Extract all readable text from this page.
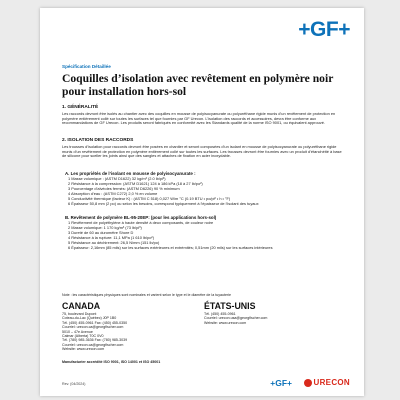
+GF+
Spécification Détaillée
Coquilles d’isolation avec revêtement en polymère noir pour installation hors-sol
1. GÉNÉRALITÉ
Les raccords devront être isolés au chantier avec des coquilles en mousse de polyisocyanurate ou polyuréthane rigide munis d’un revêtement de protection en polymère entièrement collé sur toutes les surfaces tel que fournies par GF Urecon. L’isolation des raccords et accessoires, devra être conforme aux recommandations de GF Urecon. Les produits seront fabriqués en conformité avec les Standards qualité de la norme ISO 9001, ou équivalent approuvé.
2. ISOLATION DES RACCORDS
Les trousses d’isolation pour raccords devront être posées en chantier et seront composées d’un isolant en mousse de polyisocyanurate ou polyuréthane rigide munis d’un revêtement de protection en polymère entièrement collé sur toutes les surfaces. Les trousses devront être fournies avec un produit d’étanchéité à base de silicone pour sceller les joints ainsi que des sangles et attaches de fixation en acier inoxydable.
A. Les propriétés de l’isolant en mousse de polyisocyanurate :
1 Masse volumique : (ASTM D1622) 32 kg/m³ (2.0 lb/pi³)
2 Résistance à la compression: (ASTM D1621) 124 à 186 kPa (18 à 27 lb/po²)
3 Pourcentage d’alvéoles fermés: (ASTM D6226) 90 % minimum
4 Absorption d’eau : (ASTM C272) 2,0 % en volume
5 Conductivité thermique (facteur K) : (ASTM C 518) 0,027 W/m °C (0.19 BTU • po/pi² • h • °F)
6 Épaisseur 50,8 mm (2 po) ou selon les besoins, correspond typiquement à l’épaisseur de l’isolant des tuyaux
B. Revêtement de polymère BL-95-20EP: (pour les applications hors-sol)
1 Revêtement de polyéthylène à haute densité à deux composants, de couleur noire
2 Masse volumique: 1 170 kg/m³ (73 lb/pi³)
3 Dureté de 60 au duromètre Shore D
4 Résistance à la rupture: 11,1 MPa (1 610 lb/po²)
5 Résistance au déchirement: 26,5 N/mm (151 lb/po)
6 Épaisseur: 2,16mm (85 mils) sur les surfaces extérieures et extrémités; 0,51mm (20 mils) sur les surfaces intérieures
Note : les caractéristiques physiques sont nominales et varient selon le type et le diamètre de la tuyauterie
CANADA
75, boulevard Dupont
Coteau-du-Lac (Québec) J0P 1B0
Tél. (450) 455-0961 Fax: (450) 455-0350
Courriel: urecon.ca@georgfischer.com
5010 – 47e Avenue
Calmar (Alberta) T0C 0V0
Tél. (780) 985-3636 Fax: (780) 985-3039
Courriel: urecon.ca@georgfischer.com
Website: www.urecon.com
ÉTATS-UNIS
Tél. (450) 455-0961
Courriel: urecon.usa@georgfischer.com
Website: www.urecon.com
Manufacturier accrédité ISO 9001, ISO 14001 et ISO 45001
Rev. (04/2024)	+GF+	URECON
